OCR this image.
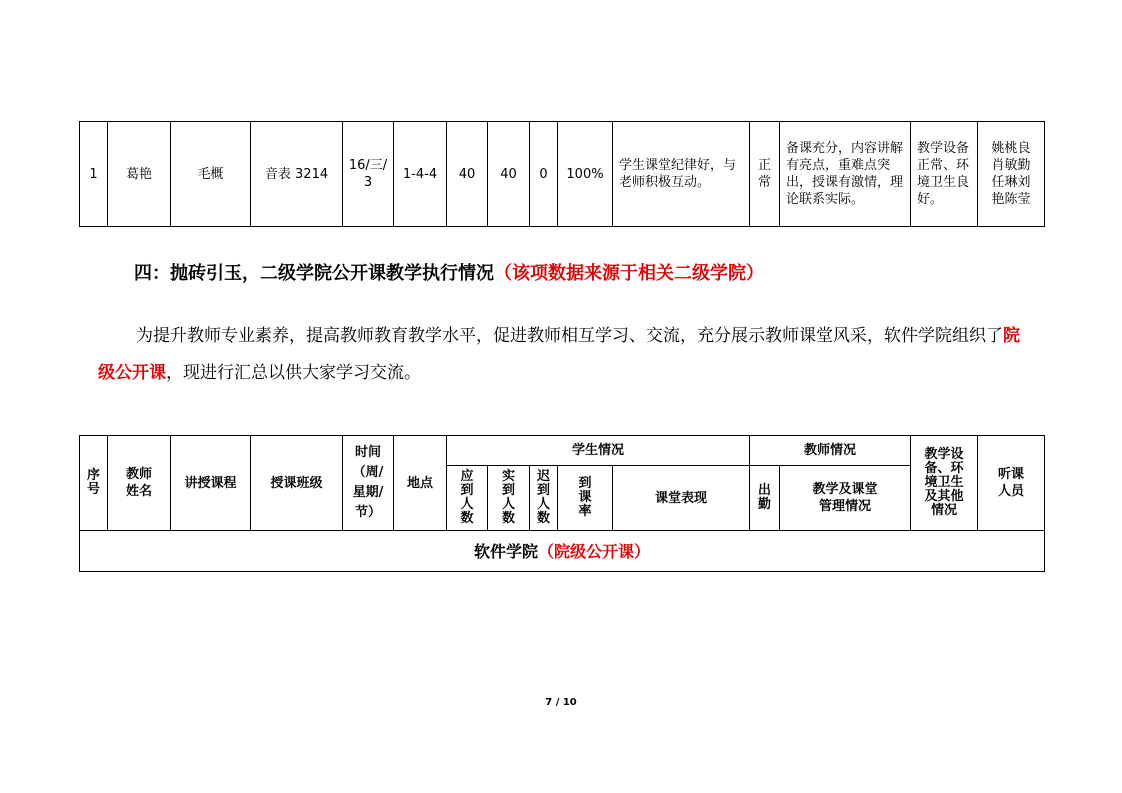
1	葛艳	毛概	音表 3214	16/三/3	1-4-4	40	40	0	100%	学生课堂纪律好，与老师积极互动。	正常	备课充分，内容讲解有亮点，重难点突出，授课有激情，理论联系实际。	教学设备正常、环境卫生良好。	姚桃良肖敏勤任琳刘艳陈莹
四：抛砖引玉，二级学院公开课教学执行情况（该项数据来源于相关二级学院）

为提升教师专业素养，提高教师教育教学水平，促进教师相互学习、交流，充分展示教师课堂风采，软件学院组织了院级公开课，现进行汇总以供大家学习交流。

序号	教师姓名	讲授课程	授课班级	时间（周/星期/节）	地点	学生情况					教师情况		教学设备、环境卫生及其他情况	听课人员
						应到人数	实到人数	迟到人数	到课率	课堂表现	出勤	教学及课堂管理情况		
软件学院（院级公开课）														
7 / 10
